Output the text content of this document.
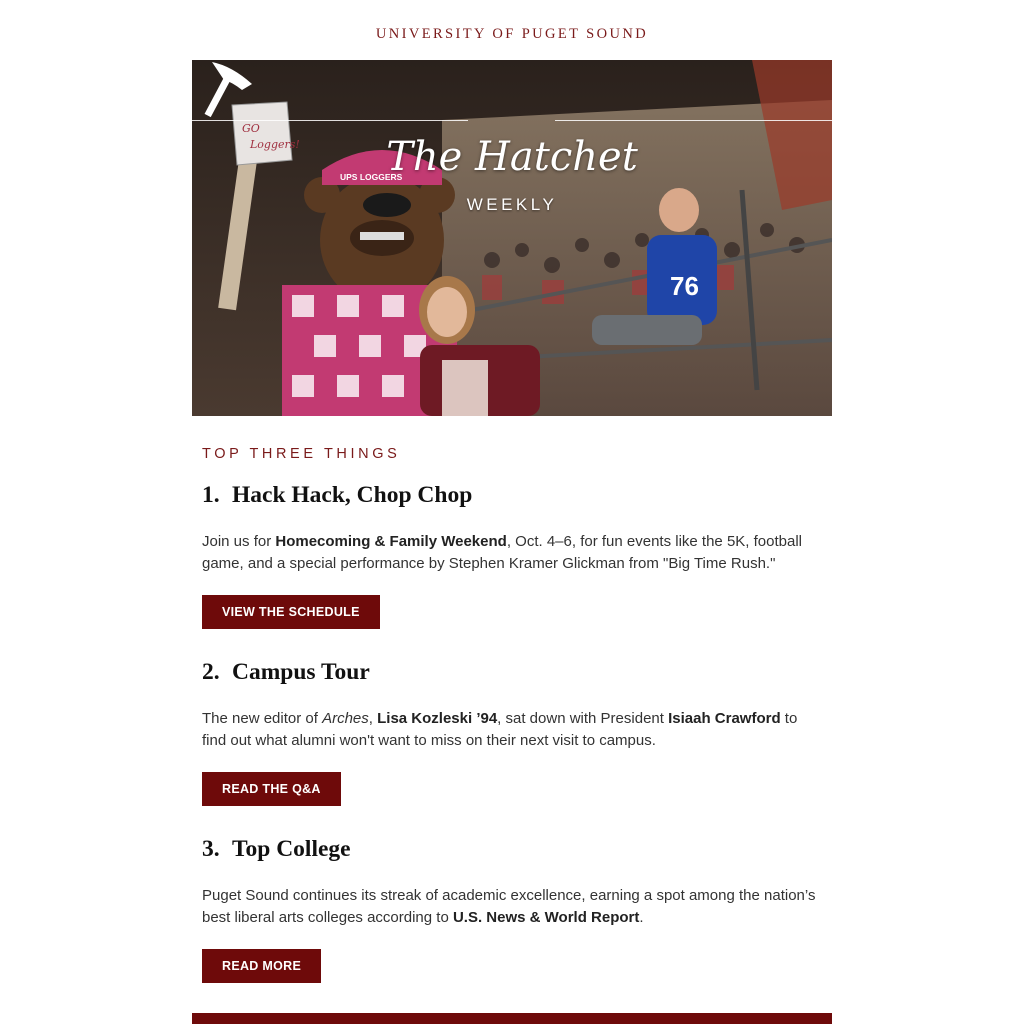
UNIVERSITY OF PUGET SOUND
76
GO
Loggers!
UPS LOGGERS
The Hatchet
WEEKLY
TOP THREE THINGS
1. Hack Hack, Chop Chop
Join us for Homecoming & Family Weekend, Oct. 4–6, for fun events like the 5K, football game, and a special performance by Stephen Kramer Glickman from "Big Time Rush."
VIEW THE SCHEDULE
2. Campus Tour
The new editor of Arches, Lisa Kozleski ’94, sat down with President Isiaah Crawford to find out what alumni won't want to miss on their next visit to campus.
READ THE Q&A
3. Top College
Puget Sound continues its streak of academic excellence, earning a spot among the nation’s best liberal arts colleges according to U.S. News & World Report.
READ MORE
